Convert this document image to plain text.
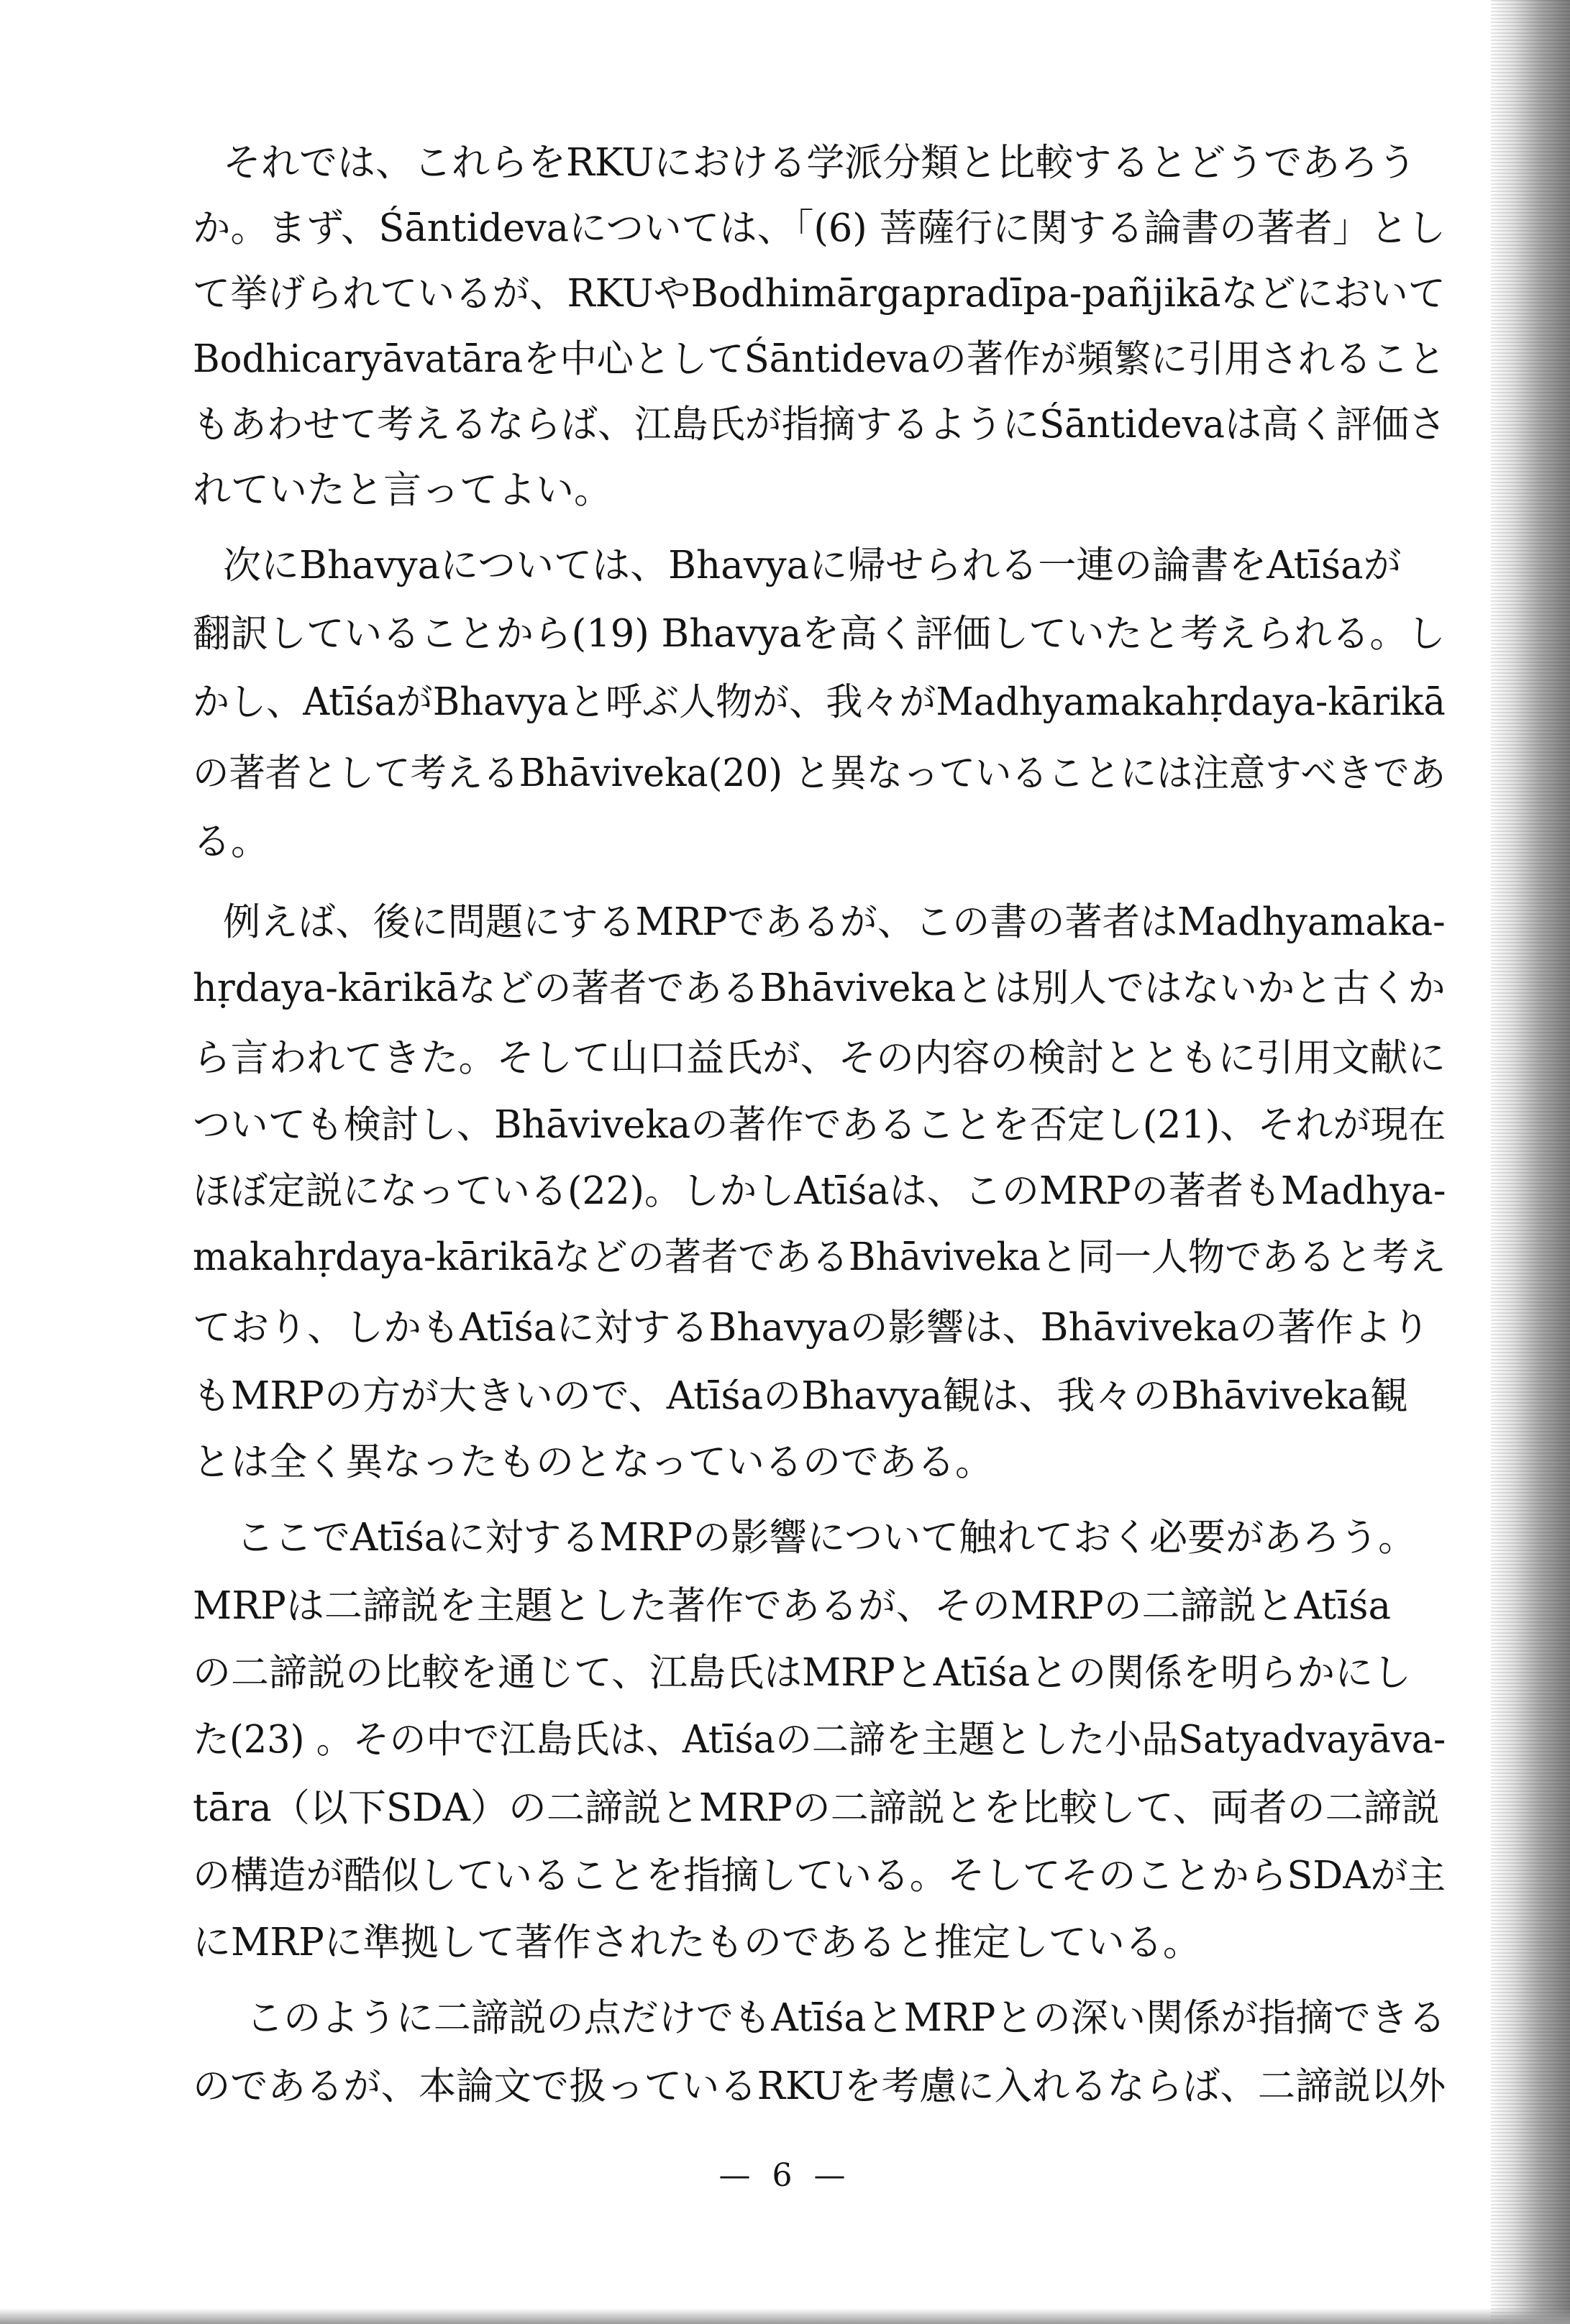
それでは、これらをRKUにおける学派分類と比較するとどうであろう
か。まず、Śāntidevaについては、「(6) 菩薩行に関する論書の著者」とし
て挙げられているが、RKUやBodhimārgapradīpa-pañjikāなどにおいて
Bodhicaryāvatāraを中心としてŚāntidevaの著作が頻繁に引用されること
もあわせて考えるならば、江島氏が指摘するようにŚāntidevaは高く評価さ
れていたと言ってよい。
次にBhavyaについては、Bhavyaに帰せられる一連の論書をAtīśaが
翻訳していることから(19) Bhavyaを高く評価していたと考えられる。し
かし、AtīśaがBhavyaと呼ぶ人物が、我々がMadhyamakahṛdaya-kārikā
の著者として考えるBhāviveka(20) と異なっていることには注意すべきであ
る。
例えば、後に問題にするMRPであるが、この書の著者はMadhyamaka-
hṛdaya-kārikāなどの著者であるBhāvivekaとは別人ではないかと古くか
ら言われてきた。そして山口益氏が、その内容の検討とともに引用文献に
ついても検討し、Bhāvivekaの著作であることを否定し(21)、それが現在
ほぼ定説になっている(22)。しかしAtīśaは、このMRPの著者もMadhya-
makahṛdaya-kārikāなどの著者であるBhāvivekaと同一人物であると考え
ており、しかもAtīśaに対するBhavyaの影響は、Bhāvivekaの著作より
もMRPの方が大きいので、AtīśaのBhavya観は、我々のBhāviveka観
とは全く異なったものとなっているのである。
ここでAtīśaに対するMRPの影響について触れておく必要があろう。
MRPは二諦説を主題とした著作であるが、そのMRPの二諦説とAtīśa
の二諦説の比較を通じて、江島氏はMRPとAtīśaとの関係を明らかにし
た(23) 。その中で江島氏は、Atīśaの二諦を主題とした小品Satyadvayāva-
tāra（以下SDA）の二諦説とMRPの二諦説とを比較して、両者の二諦説
の構造が酷似していることを指摘している。そしてそのことからSDAが主
にMRPに準拠して著作されたものであると推定している。
このように二諦説の点だけでもAtīśaとMRPとの深い関係が指摘できる
のであるが、本論文で扱っているRKUを考慮に入れるならば、二諦説以外
— 6 —
